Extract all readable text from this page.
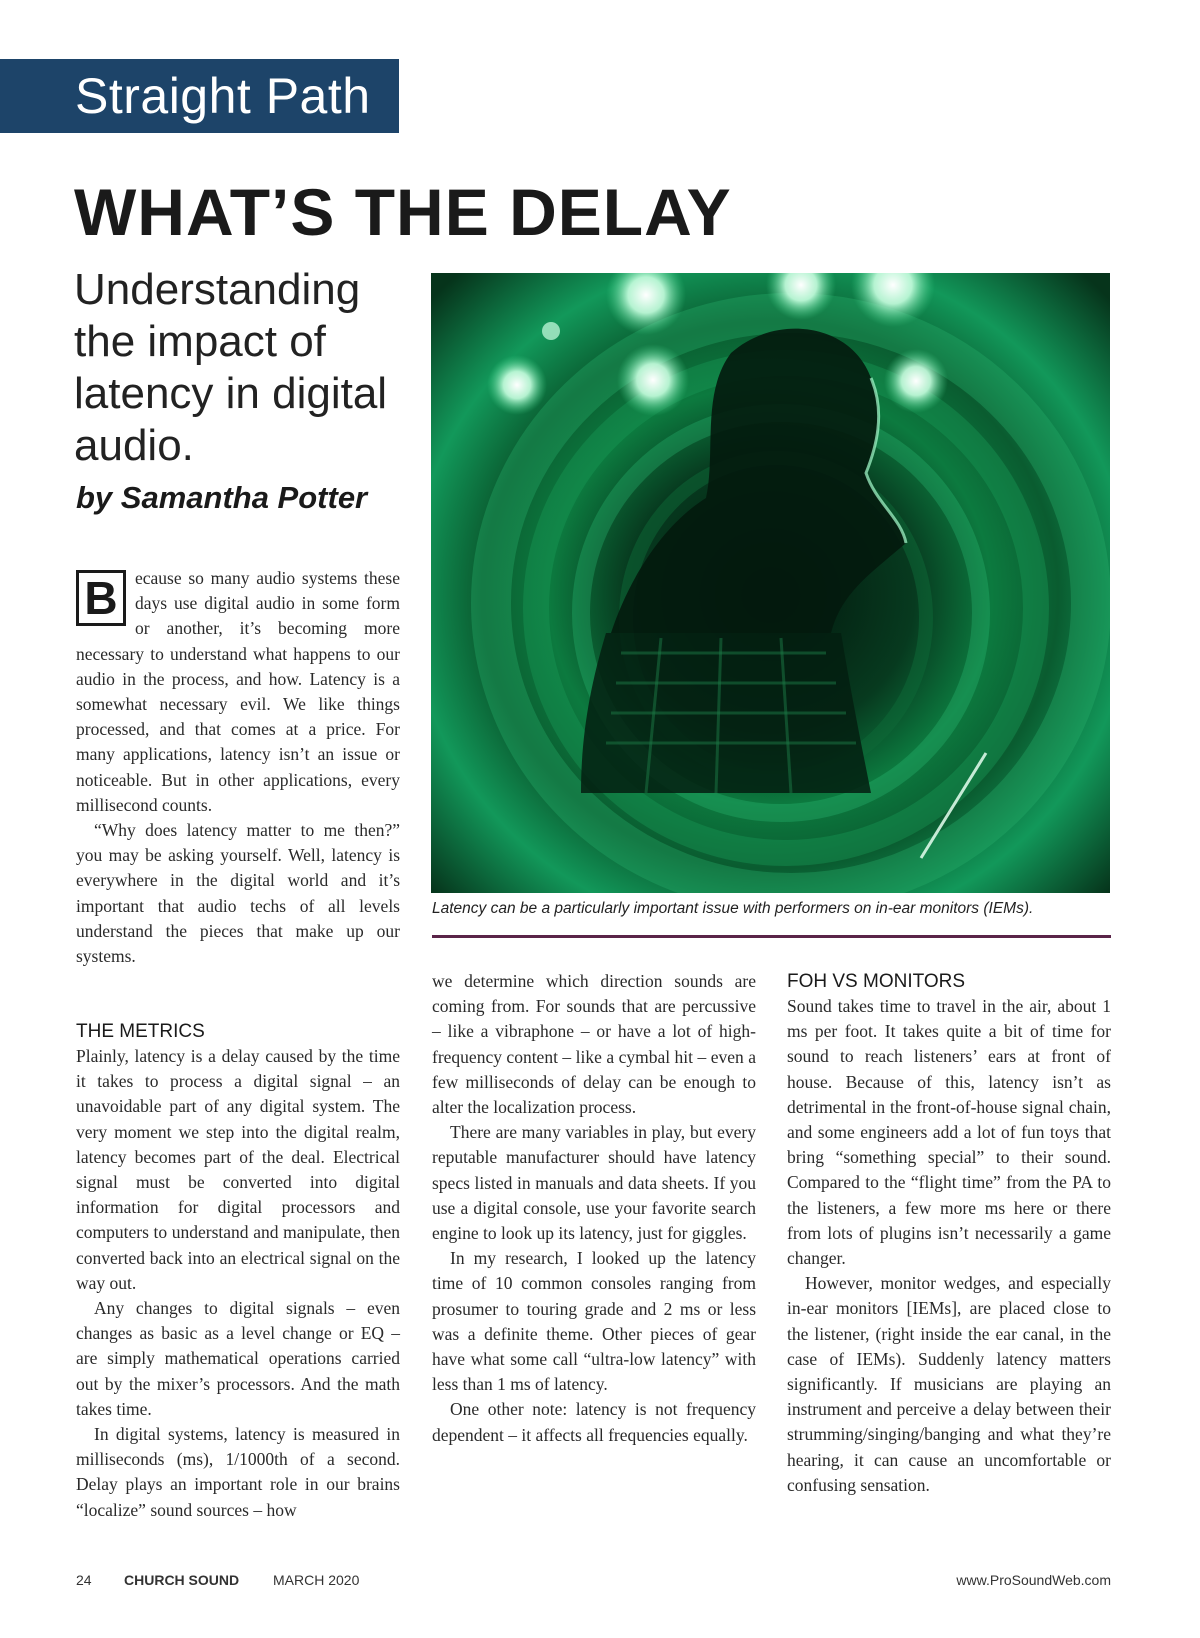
Straight Path
WHAT’S THE DELAY
Understanding the impact of latency in digital audio.
by Samantha Potter

Latency can be a particularly important issue with performers on in-ear monitors (IEMs).

B ecause so many audio systems these days use digital audio in some form or another, it’s becoming more necessary to understand what happens to our audio in the process, and how. Latency is a somewhat necessary evil. We like things processed, and that comes at a price. For many applications, latency isn’t an issue or noticeable. But in other applications, every millisecond counts.

“Why does latency matter to me then?” you may be asking yourself. Well, latency is everywhere in the digital world and it’s important that audio techs of all levels understand the pieces that make up our systems.

THE METRICS

Plainly, latency is a delay caused by the time it takes to process a digital signal – an unavoidable part of any digital system. The very moment we step into the digital realm, latency becomes part of the deal. Electrical signal must be converted into digital information for digital processors and computers to understand and manipulate, then converted back into an electrical signal on the way out.

Any changes to digital signals – even changes as basic as a level change or EQ – are simply mathematical operations carried out by the mixer’s processors. And the math takes time.

In digital systems, latency is measured in milliseconds (ms), 1/1000th of a second. Delay plays an important role in our brains “localize” sound sources – how

we determine which direction sounds are coming from. For sounds that are percussive – like a vibraphone – or have a lot of high-frequency content – like a cymbal hit – even a few milliseconds of delay can be enough to alter the localization process.

There are many variables in play, but every reputable manufacturer should have latency specs listed in manuals and data sheets. If you use a digital console, use your favorite search engine to look up its latency, just for giggles.

In my research, I looked up the latency time of 10 common consoles ranging from prosumer to touring grade and 2 ms or less was a definite theme. Other pieces of gear have what some call “ultra-low latency” with less than 1 ms of latency.

One other note: latency is not frequency dependent – it affects all frequencies equally.

FOH VS MONITORS

Sound takes time to travel in the air, about 1 ms per foot. It takes quite a bit of time for sound to reach listeners’ ears at front of house. Because of this, latency isn’t as detrimental in the front-of-house signal chain, and some engineers add a lot of fun toys that bring “something special” to their sound. Compared to the “flight time” from the PA to the listeners, a few more ms here or there from lots of plugins isn’t necessarily a game changer.

However, monitor wedges, and especially in-ear monitors [IEMs], are placed close to the listener, (right inside the ear canal, in the case of IEMs). Suddenly latency matters significantly. If musicians are playing an instrument and perceive a delay between their strumming/singing/banging and what they’re hearing, it can cause an uncomfortable or confusing sensation.

24 CHURCH SOUND MARCH 2020	www.ProSoundWeb.com
